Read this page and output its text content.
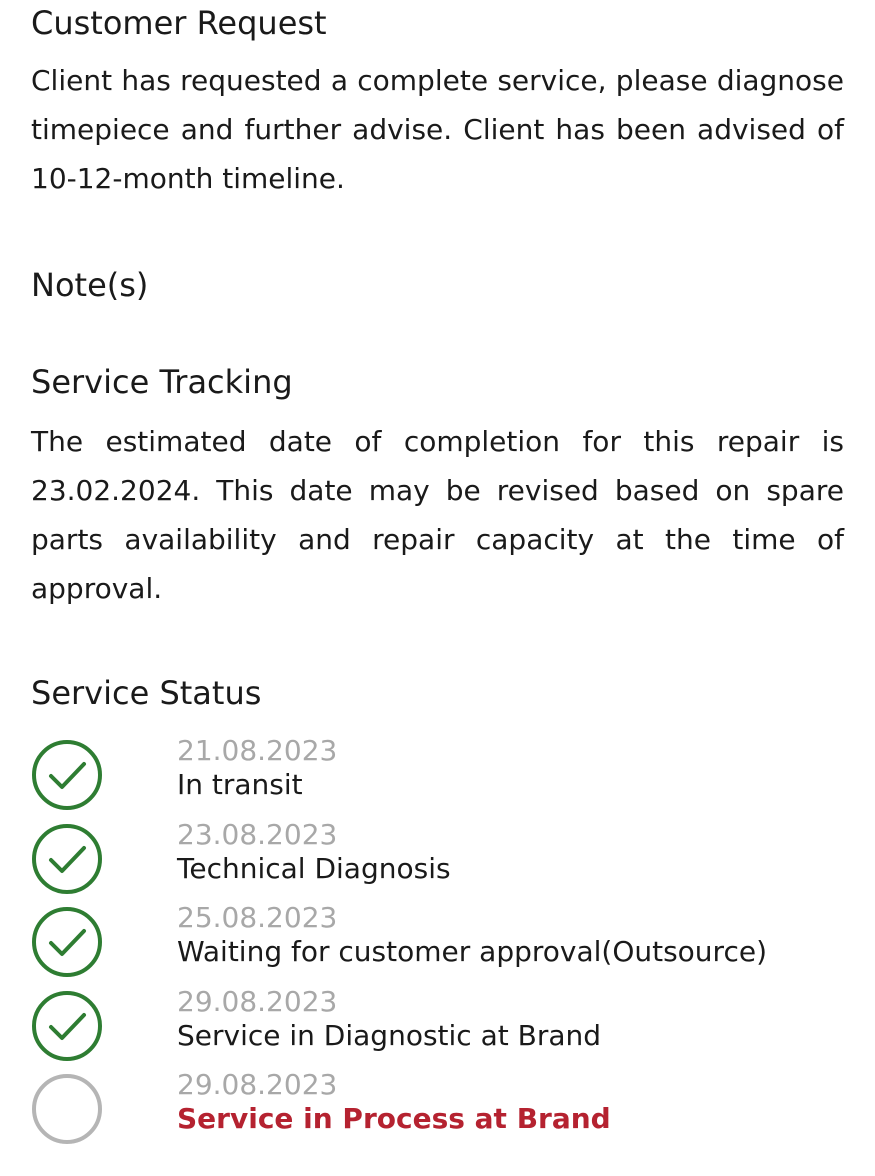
Customer Request

Client has requested a complete service, please diagnose timepiece and further advise. Client has been advised of 10-12-month timeline.

Note(s)
Service Tracking

The estimated date of completion for this repair is 23.02.2024. This date may be revised based on spare parts availability and repair capacity at the time of approval.

Service Status
21.08.2023
In transit
23.08.2023
Technical Diagnosis
25.08.2023
Waiting for customer approval(Outsource)
29.08.2023
Service in Diagnostic at Brand
29.08.2023
Service in Process at Brand
